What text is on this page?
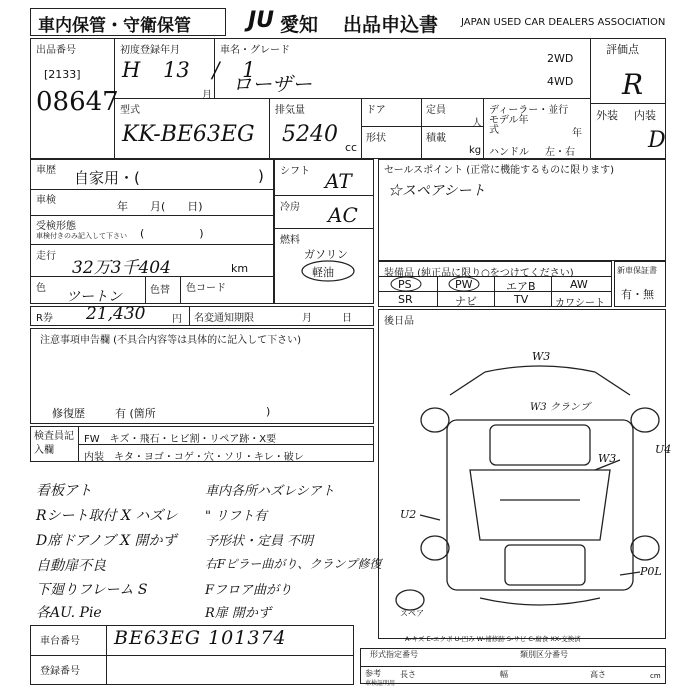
車内保管・守衛保管	JU 愛知 出品申込書 JAPAN USED CAR DEALERS ASSOCIATION
出品番号
[2133]
08647
初度登録年月
H 13 / 1
月
車名・グレード
ローザー
2WD
4WD
評価点
R
外装 内装
D
型式
KK-BE63EG
排気量
5240
cc
ドア	定員
人
形状	積載
kg
ディーラー・並行
モデル年式	年
ハンドル 左・右
車歴 自家用・(	)
車検	年　　月(　　日)
受検形態
車検付きのみ記入して下さい (　　　　　)
走行
32万3千404	km
色
ツートン	色替 色コード
シフト AT
冷房 AC
燃料
ガソリン
軽油
R券 21,430	円 名変通知期限	月　　　日
セールスポイント (正常に機能するものに限ります)
☆スペアシート
装備品 (純正品に限り○をつけてください)
PS	PW	エアB	AW
SR	ナビ	TV	カワシート
新車保証書
有・無
後日品
注意事項申告欄 (不具合内容等は具体的に記入して下さい)
修復歴	有 (箇所	)
検査員記入欄
FW　キズ・飛石・ヒビ割・リペア跡・X要
内装　キタ・ヨゴ・コゲ・穴・ソリ・キレ・破レ
看板アト	車内各所ハズレシアト
Rシート取付 X ハズレ " リフト有
D席ドアノブ X 開かず 予形状・定員 不明
自動扉不良	右Fピラー曲がり、クランプ修復
下廻りフレーム S	Fフロア曲がり
各AU. Pie	R扉 開かず
W3
W3 クランプ
W3
U4
U2
P0L
スペア
A-キズ E-エクボ U-凹み W-補修跡 S-サビ C-腐食 XX-交換済
車台番号 BE63EG 101374
登録番号
形式指定番号	類別区分番号
参考
車検証明用
長さ	幅	高さ	cm
